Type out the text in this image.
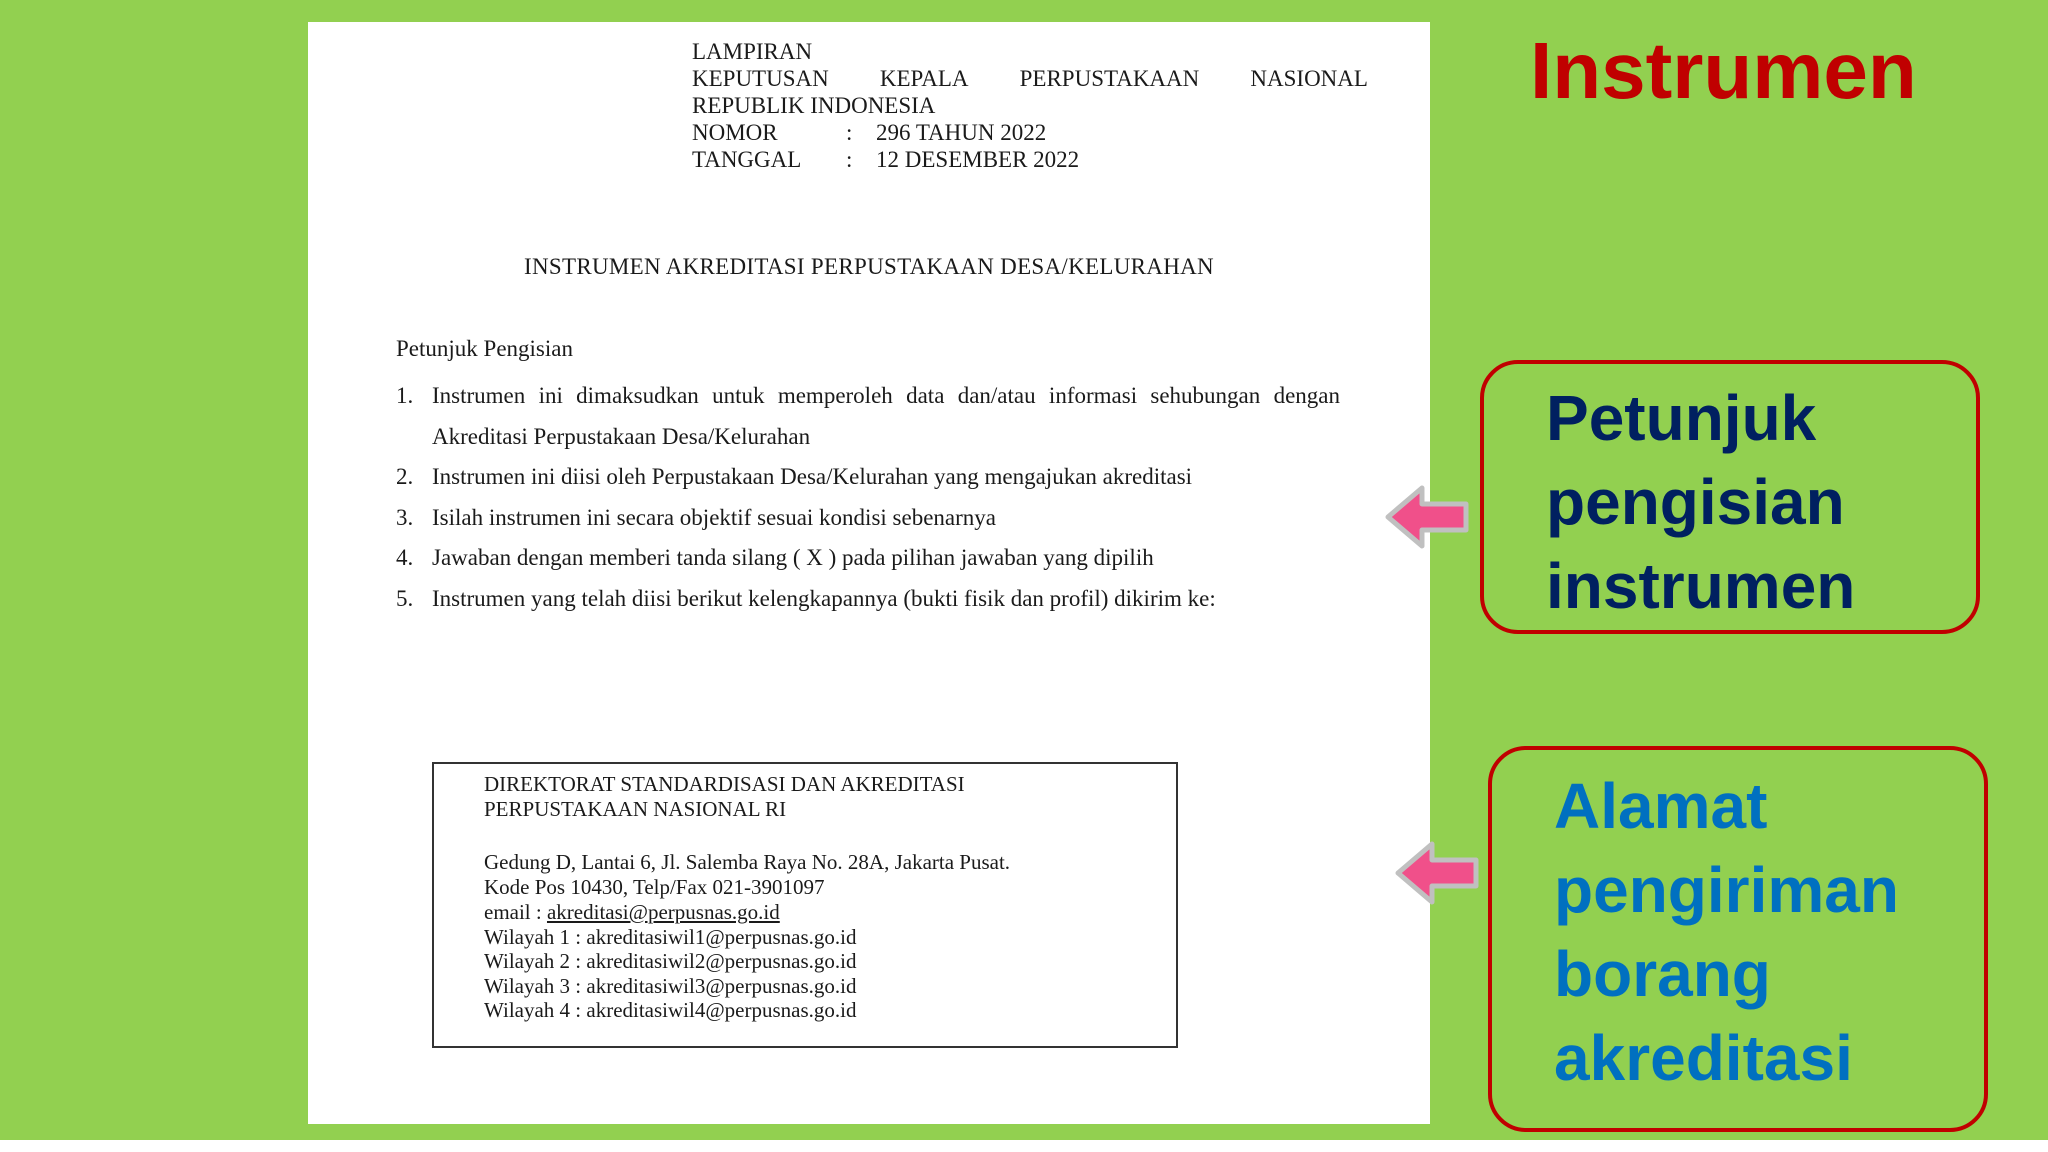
LAMPIRAN
KEPUTUSAN KEPALA PERPUSTAKAAN NASIONAL
REPUBLIK INDONESIA
NOMOR	:	296 TAHUN 2022
TANGGAL	:	12 DESEMBER 2022
INSTRUMEN AKREDITASI PERPUSTAKAAN DESA/KELURAHAN
Petunjuk Pengisian
1. Instrumen ini dimaksudkan untuk memperoleh data dan/atau informasi sehubungan dengan Akreditasi Perpustakaan Desa/Kelurahan
2. Instrumen ini diisi oleh Perpustakaan Desa/Kelurahan yang mengajukan akreditasi
3. Isilah instrumen ini secara objektif sesuai kondisi sebenarnya
4. Jawaban dengan memberi tanda silang ( X ) pada pilihan jawaban yang dipilih
5. Instrumen yang telah diisi berikut kelengkapannya (bukti fisik dan profil) dikirim ke:
DIREKTORAT STANDARDISASI DAN AKREDITASI
PERPUSTAKAAN NASIONAL RI
Gedung D, Lantai 6, Jl. Salemba Raya No. 28A, Jakarta Pusat.
Kode Pos 10430, Telp/Fax 021-3901097
email : akreditasi@perpusnas.go.id
Wilayah 1 : akreditasiwil1@perpusnas.go.id
Wilayah 2 : akreditasiwil2@perpusnas.go.id
Wilayah 3 : akreditasiwil3@perpusnas.go.id
Wilayah 4 : akreditasiwil4@perpusnas.go.id
Instrumen
Petunjuk
pengisian
instrumen
Alamat
pengiriman
borang
akreditasi
